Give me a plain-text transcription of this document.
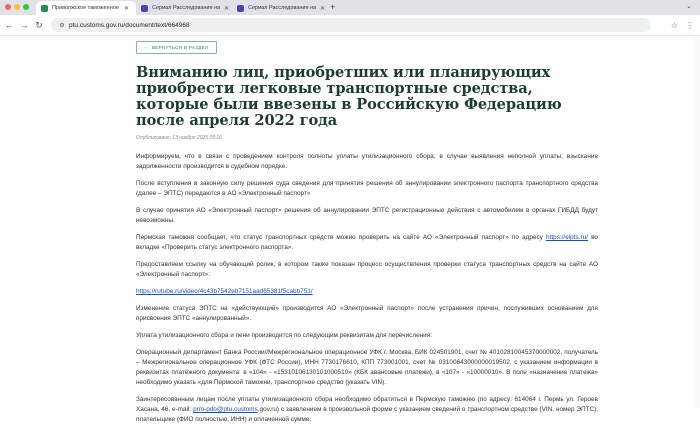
Приволжское таможенное ✕	Сериал Расследования на ✕	Сериал Расследования на ✕ +	⌄
← → ↻	⚙ ptu.customs.gov.ru/document/text/664968	☆ ⋮
‹ ВЕРНУТЬСЯ В РАЗДЕЛ
Вниманию лиц, приобретших или планирующих приобрести легковые транспортные средства, которые были ввезены в Российскую Федерацию после апреля 2022 года
Опубликовано: 13 ноября 2025 09:16

Информируем, что в связи с проведением контроля полноты уплаты утилизационного сбора, в случае выявления неполной уплаты, взыскание задолженности производится в судебном порядке.

После вступления в законную силу решения суда сведения для принятия решения об аннулировании электронного паспорта транспортного средства (далее – ЭПТС) передаются в АО «Электронный паспорт»

В случае принятия АО «Электронный паспорт» решения об аннулировании ЭПТС регистрационные действия с автомобилем в органах ГИБДД будут невозможны.

Пермская таможня сообщает, что статус транспортных средств можно проверить на сайте АО «Электронный паспорт» по адресу https://elpts.ru/ во вкладке «Проверить статус электронного паспорта».

Предоставляем ссылку на обучающий ролик, в котором также показан процесс осуществления проверки статуса транспортных средств на сайте АО «Электронный паспорт»:

https://rutube.ru/video/4c43b7542eb7151aad65381f5cabb751/

Изменение статуса ЭПТС на «действующий» производится АО «Электронный паспорт» после устранения причин, послуживших основанием для присвоения ЭПТС «аннулированный».

Уплата утилизационного сбора и пени производится по следующим реквизитам для перечисления:

Операционный департамент Банка России//Межрегиональное операционное УФК г. Москва, БИК 024501901, счет № 40102810045370000002, получатель – Межрегиональное операционное УФК (ФТС России), ИНН 7730176610, КПП 773001001, счет № 03100643000000019502, с указанием информации в реквизитах платёжного документа: в «104» - «15310106130101000510» (КБК авансовые платежи), в «107» - «10000010». В поле «назначение платежа» необходимо указать «для Пермской таможни, транспортное средство (указать VIN).

Заинтересованным лицам после уплаты утилизационного сбора необходимо обратиться в Пермскую таможню (по адресу: 614064 г. Пермь ул. Героев Хасана, 46, e-mail: prm-pdo@ptu.customs.gov.ru) с заявлением в произвольной форме с указанием сведений о транспортном средстве (VIN, номер ЭПТС), плательщике (ФИО полностью, ИНН) и оплаченной сумме.
